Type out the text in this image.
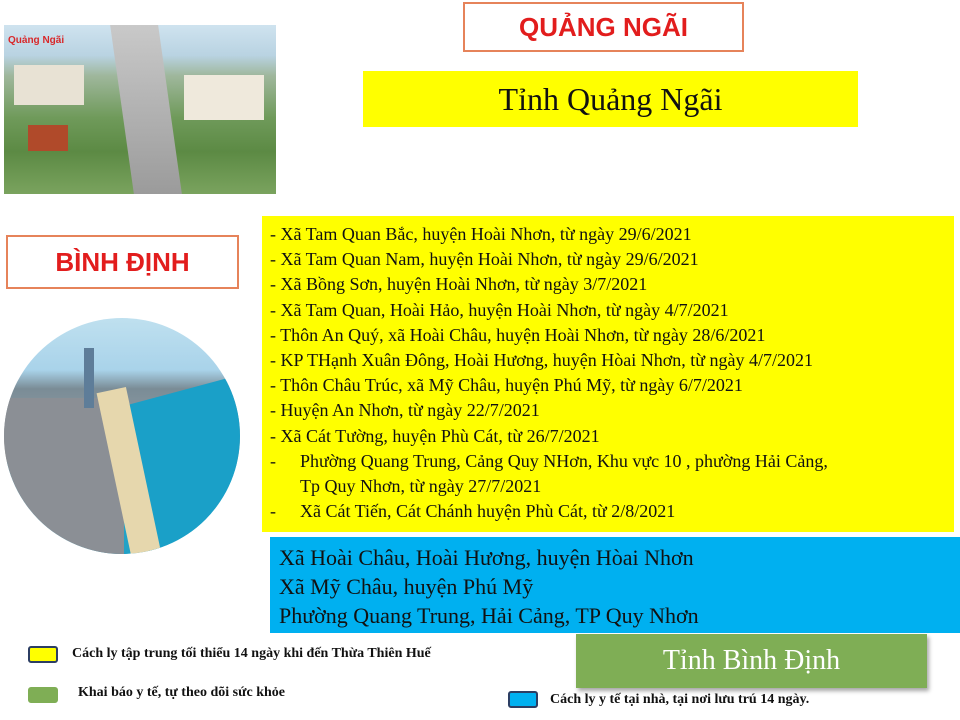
Quảng Ngãi	QUẢNG NGÃI
BÌNH ĐỊNH
Tỉnh Quảng Ngãi
- Xã Tam Quan Bắc, huyện Hoài Nhơn, từ ngày 29/6/2021
- Xã Tam Quan Nam, huyện Hoài Nhơn, từ ngày 29/6/2021
- Xã Bồng Sơn, huyện Hoài Nhơn, từ ngày 3/7/2021
- Xã Tam Quan, Hoài Hảo, huyện Hoài Nhơn, từ ngày 4/7/2021
- Thôn An Quý, xã Hoài Châu, huyện Hoài Nhơn, từ ngày 28/6/2021
- KP THạnh Xuân Đông, Hoài Hương, huyện Hòai Nhơn, từ ngày 4/7/2021
- Thôn Châu Trúc, xã Mỹ Châu, huyện Phú Mỹ, từ ngày 6/7/2021
- Huyện An Nhơn, từ ngày 22/7/2021
- Xã Cát Tường, huyện Phù Cát, từ 26/7/2021
-	Phường Quang Trung, Cảng Quy NHơn, Khu vực 10 , phường Hải Cảng,
Tp Quy Nhơn, từ ngày 27/7/2021
-	Xã Cát Tiến, Cát Chánh huyện Phù Cát, từ 2/8/2021
Xã Hoài Châu, Hoài Hương, huyện Hòai Nhơn
Xã Mỹ Châu, huyện Phú Mỹ
Phường Quang Trung, Hải Cảng, TP Quy Nhơn
Tỉnh Bình Định
Cách ly tập trung tối thiểu 14 ngày khi đến Thừa Thiên Huế
Khai báo y tế, tự theo dõi sức khỏe	Cách ly y tế tại nhà, tại nơi lưu trú 14 ngày.
